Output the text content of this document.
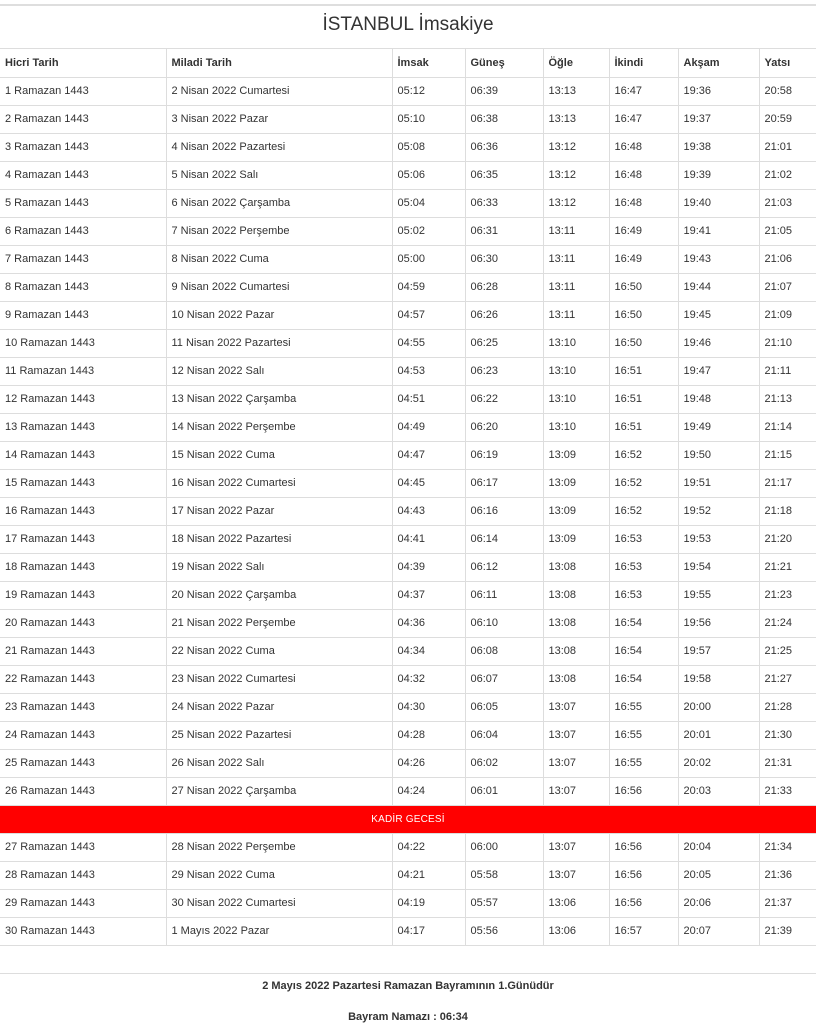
İSTANBUL İmsakiye
Hicri Tarih	Miladi Tarih	İmsak	Güneş	Öğle	İkindi	Akşam	Yatsı
1 Ramazan 1443	2 Nisan 2022 Cumartesi	05:12	06:39	13:13	16:47	19:36	20:58
2 Ramazan 1443	3 Nisan 2022 Pazar	05:10	06:38	13:13	16:47	19:37	20:59
3 Ramazan 1443	4 Nisan 2022 Pazartesi	05:08	06:36	13:12	16:48	19:38	21:01
4 Ramazan 1443	5 Nisan 2022 Salı	05:06	06:35	13:12	16:48	19:39	21:02
5 Ramazan 1443	6 Nisan 2022 Çarşamba	05:04	06:33	13:12	16:48	19:40	21:03
6 Ramazan 1443	7 Nisan 2022 Perşembe	05:02	06:31	13:11	16:49	19:41	21:05
7 Ramazan 1443	8 Nisan 2022 Cuma	05:00	06:30	13:11	16:49	19:43	21:06
8 Ramazan 1443	9 Nisan 2022 Cumartesi	04:59	06:28	13:11	16:50	19:44	21:07
9 Ramazan 1443	10 Nisan 2022 Pazar	04:57	06:26	13:11	16:50	19:45	21:09
10 Ramazan 1443	11 Nisan 2022 Pazartesi	04:55	06:25	13:10	16:50	19:46	21:10
11 Ramazan 1443	12 Nisan 2022 Salı	04:53	06:23	13:10	16:51	19:47	21:11
12 Ramazan 1443	13 Nisan 2022 Çarşamba	04:51	06:22	13:10	16:51	19:48	21:13
13 Ramazan 1443	14 Nisan 2022 Perşembe	04:49	06:20	13:10	16:51	19:49	21:14
14 Ramazan 1443	15 Nisan 2022 Cuma	04:47	06:19	13:09	16:52	19:50	21:15
15 Ramazan 1443	16 Nisan 2022 Cumartesi	04:45	06:17	13:09	16:52	19:51	21:17
16 Ramazan 1443	17 Nisan 2022 Pazar	04:43	06:16	13:09	16:52	19:52	21:18
17 Ramazan 1443	18 Nisan 2022 Pazartesi	04:41	06:14	13:09	16:53	19:53	21:20
18 Ramazan 1443	19 Nisan 2022 Salı	04:39	06:12	13:08	16:53	19:54	21:21
19 Ramazan 1443	20 Nisan 2022 Çarşamba	04:37	06:11	13:08	16:53	19:55	21:23
20 Ramazan 1443	21 Nisan 2022 Perşembe	04:36	06:10	13:08	16:54	19:56	21:24
21 Ramazan 1443	22 Nisan 2022 Cuma	04:34	06:08	13:08	16:54	19:57	21:25
22 Ramazan 1443	23 Nisan 2022 Cumartesi	04:32	06:07	13:08	16:54	19:58	21:27
23 Ramazan 1443	24 Nisan 2022 Pazar	04:30	06:05	13:07	16:55	20:00	21:28
24 Ramazan 1443	25 Nisan 2022 Pazartesi	04:28	06:04	13:07	16:55	20:01	21:30
25 Ramazan 1443	26 Nisan 2022 Salı	04:26	06:02	13:07	16:55	20:02	21:31
26 Ramazan 1443	27 Nisan 2022 Çarşamba	04:24	06:01	13:07	16:56	20:03	21:33
KADİR GECESİ							
27 Ramazan 1443	28 Nisan 2022 Perşembe	04:22	06:00	13:07	16:56	20:04	21:34
28 Ramazan 1443	29 Nisan 2022 Cuma	04:21	05:58	13:07	16:56	20:05	21:36
29 Ramazan 1443	30 Nisan 2022 Cumartesi	04:19	05:57	13:06	16:56	20:06	21:37
30 Ramazan 1443	1 Mayıs 2022 Pazar	04:17	05:56	13:06	16:57	20:07	21:39
2 Mayıs 2022 Pazartesi Ramazan Bayramının 1.Günüdür
Bayram Namazı : 06:34
